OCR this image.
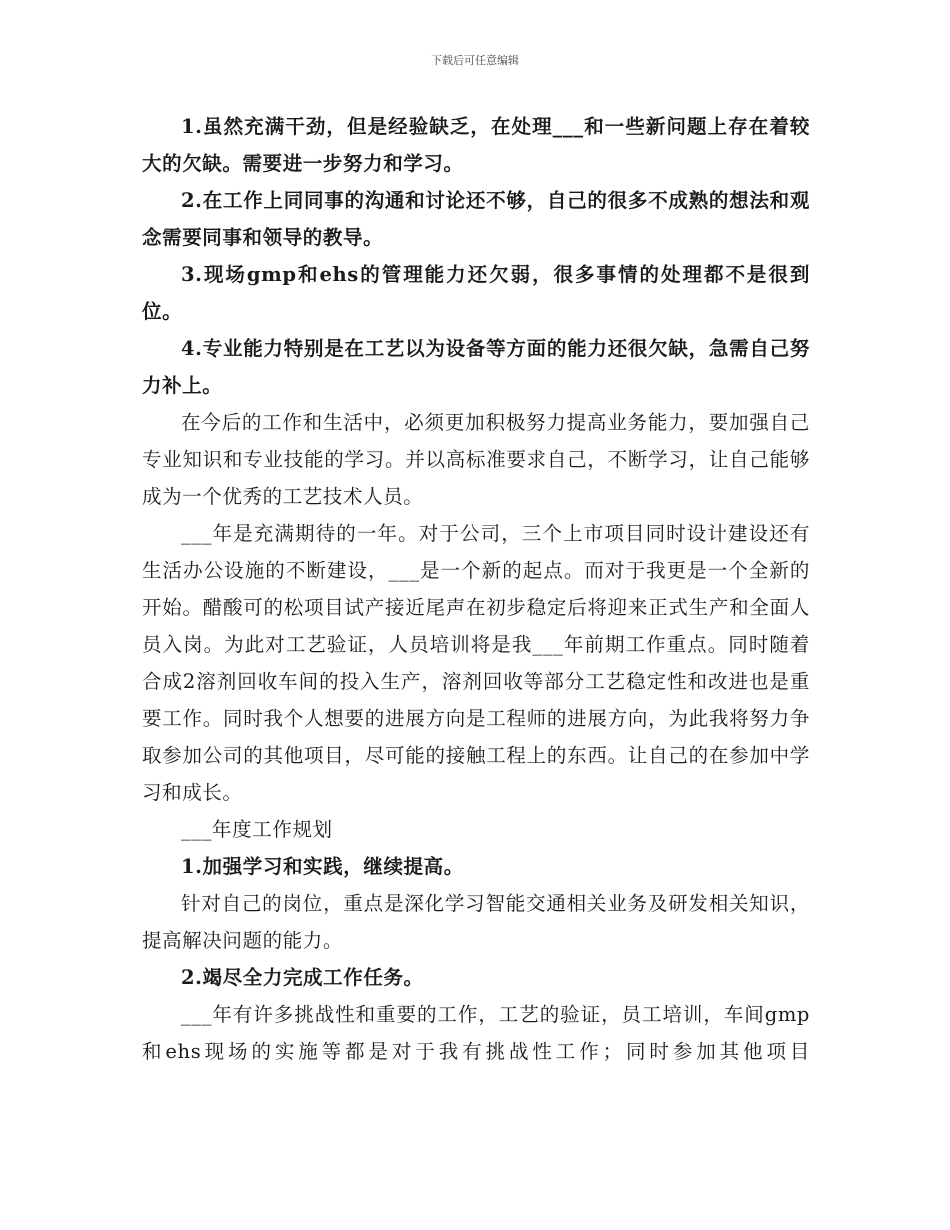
下载后可任意编辑

1.虽然充满干劲，但是经验缺乏，在处理___和一些新问题上存在着较大的欠缺。需要进一步努力和学习。

2.在工作上同同事的沟通和讨论还不够，自己的很多不成熟的想法和观念需要同事和领导的教导。

3.现场gmp和ehs的管理能力还欠弱，很多事情的处理都不是很到位。

4.专业能力特别是在工艺以为设备等方面的能力还很欠缺，急需自己努力补上。

在今后的工作和生活中，必须更加积极努力提高业务能力，要加强自己专业知识和专业技能的学习。并以高标准要求自己，不断学习，让自己能够成为一个优秀的工艺技术人员。

___年是充满期待的一年。对于公司，三个上市项目同时设计建设还有生活办公设施的不断建设，___是一个新的起点。而对于我更是一个全新的开始。醋酸可的松项目试产接近尾声在初步稳定后将迎来正式生产和全面人员入岗。为此对工艺验证，人员培训将是我___年前期工作重点。同时随着合成2溶剂回收车间的投入生产，溶剂回收等部分工艺稳定性和改进也是重要工作。同时我个人想要的进展方向是工程师的进展方向，为此我将努力争取参加公司的其他项目，尽可能的接触工程上的东西。让自己的在参加中学习和成长。

___年度工作规划

1.加强学习和实践，继续提高。

针对自己的岗位，重点是深化学习智能交通相关业务及研发相关知识，提高解决问题的能力。

2.竭尽全力完成工作任务。

___年有许多挑战性和重要的工作，工艺的验证，员工培训，车间gmp和ehs现场的实施等都是对于我有挑战性工作；同时参加其他项目
